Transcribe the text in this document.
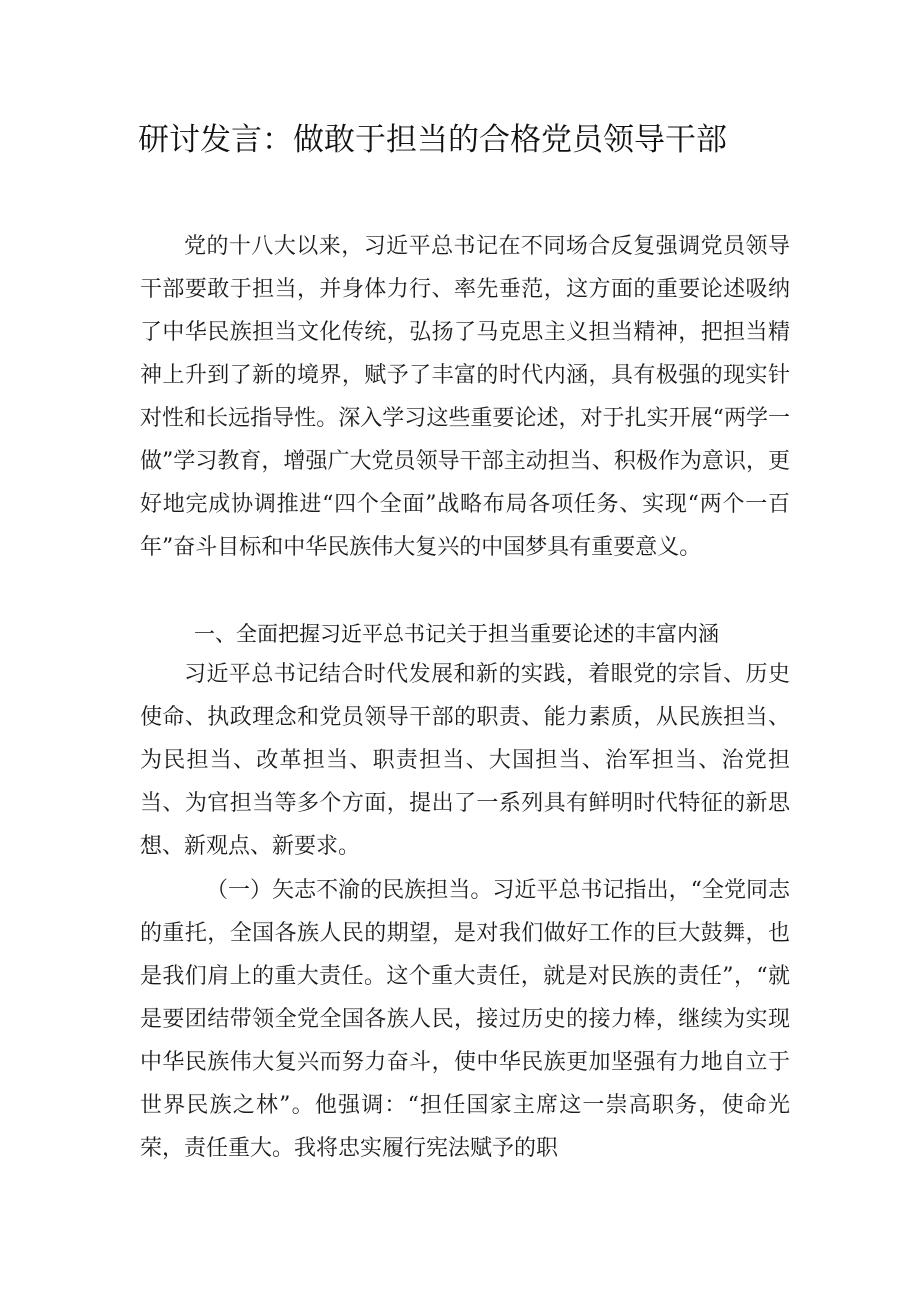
研讨发言：做敢于担当的合格党员领导干部

党的十八大以来，习近平总书记在不同场合反复强调党员领导干部要敢于担当，并身体力行、率先垂范，这方面的重要论述吸纳了中华民族担当文化传统，弘扬了马克思主义担当精神，把担当精神上升到了新的境界，赋予了丰富的时代内涵，具有极强的现实针对性和长远指导性。深入学习这些重要论述，对于扎实开展“两学一做”学习教育，增强广大党员领导干部主动担当、积极作为意识，更好地完成协调推进“四个全面”战略布局各项任务、实现“两个一百年”奋斗目标和中华民族伟大复兴的中国梦具有重要意义。

一、全面把握习近平总书记关于担当重要论述的丰富内涵

习近平总书记结合时代发展和新的实践，着眼党的宗旨、历史使命、执政理念和党员领导干部的职责、能力素质，从民族担当、为民担当、改革担当、职责担当、大国担当、治军担当、治党担当、为官担当等多个方面，提出了一系列具有鲜明时代特征的新思想、新观点、新要求。

（一）矢志不渝的民族担当。习近平总书记指出，“全党同志的重托，全国各族人民的期望，是对我们做好工作的巨大鼓舞，也是我们肩上的重大责任。这个重大责任，就是对民族的责任”，“就是要团结带领全党全国各族人民，接过历史的接力棒，继续为实现中华民族伟大复兴而努力奋斗，使中华民族更加坚强有力地自立于世界民族之林”。他强调：“担任国家主席这一崇高职务，使命光荣，责任重大。我将忠实履行宪法赋予的职
